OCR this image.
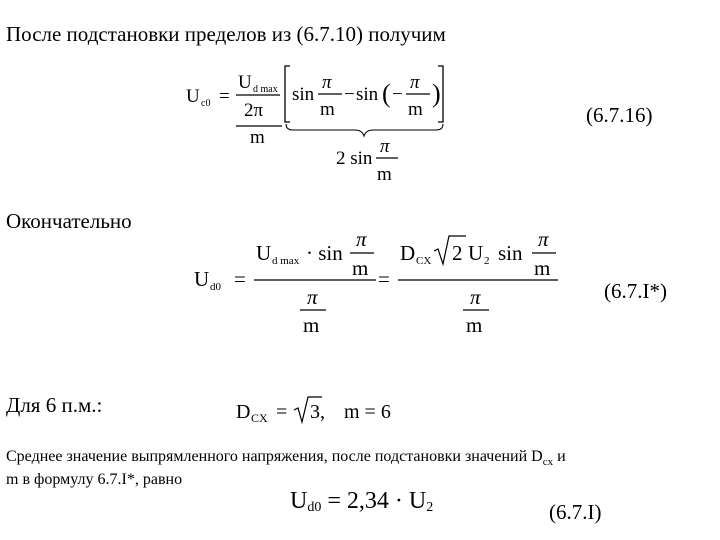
После подстановки пределов из (6.7.10) получим
U c0 =
U d max
2π
sin
π
m
− sin ( −
π
m
)
m
2 sin
π
m
(6.7.16)
Окончательно
U d0 =
U d max · sin
π
m
π
m
=
D CX 2 U 2 sin
π
m
π
m
(6.7.I*)
Для 6 п.м.:	D CX = 3, m = 6
Среднее значение выпрямленного напряжения, после подстановки значений $D_{cx}$ и
m в формулу 6.7.I*, равно
$U_{d0} = 2,34 \cdot U_2$	(6.7.I)
